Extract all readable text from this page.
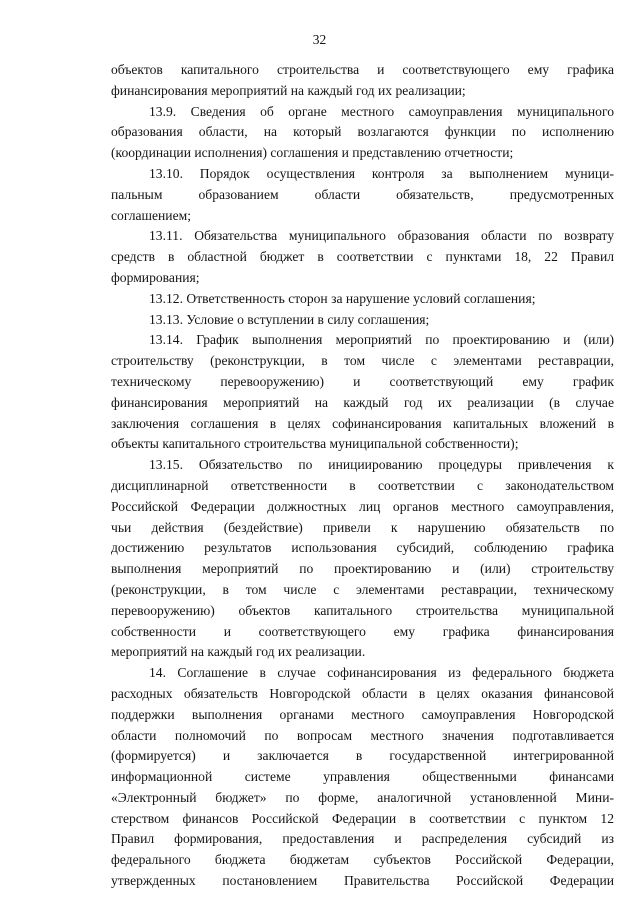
32

объектов капитального строительства и соответствующего ему графика
финансирования мероприятий на каждый год их реализации;

13.9. Сведения об органе местного самоуправления муниципального
образования области, на который возлагаются функции по исполнению
(координации исполнения) соглашения и представлению отчетности;

13.10. Порядок осуществления контроля за выполнением муници-
пальным образованием области обязательств, предусмотренных
соглашением;

13.11. Обязательства муниципального образования области по возврату
средств в областной бюджет в соответствии с пунктами 18, 22 Правил
формирования;

13.12. Ответственность сторон за нарушение условий соглашения;

13.13. Условие о вступлении в силу соглашения;

13.14. График выполнения мероприятий по проектированию и (или)
строительству (реконструкции, в том числе с элементами реставрации,
техническому перевооружению) и соответствующий ему график
финансирования мероприятий на каждый год их реализации (в случае
заключения соглашения в целях софинансирования капитальных вложений в
объекты капитального строительства муниципальной собственности);

13.15. Обязательство по инициированию процедуры привлечения к
дисциплинарной ответственности в соответствии с законодательством
Российской Федерации должностных лиц органов местного самоуправления,
чьи действия (бездействие) привели к нарушению обязательств по
достижению результатов использования субсидий, соблюдению графика
выполнения мероприятий по проектированию и (или) строительству
(реконструкции, в том числе с элементами реставрации, техническому
перевооружению) объектов капитального строительства муниципальной
собственности и соответствующего ему графика финансирования
мероприятий на каждый год их реализации.

14. Соглашение в случае софинансирования из федерального бюджета
расходных обязательств Новгородской области в целях оказания финансовой
поддержки выполнения органами местного самоуправления Новгородской
области полномочий по вопросам местного значения подготавливается
(формируется) и заключается в государственной интегрированной
информационной системе управления общественными финансами
«Электронный бюджет» по форме, аналогичной установленной Мини-
стерством финансов Российской Федерации в соответствии с пунктом 12
Правил формирования, предоставления и распределения субсидий из
федерального бюджета бюджетам субъектов Российской Федерации,
утвержденных постановлением Правительства Российской Федерации
